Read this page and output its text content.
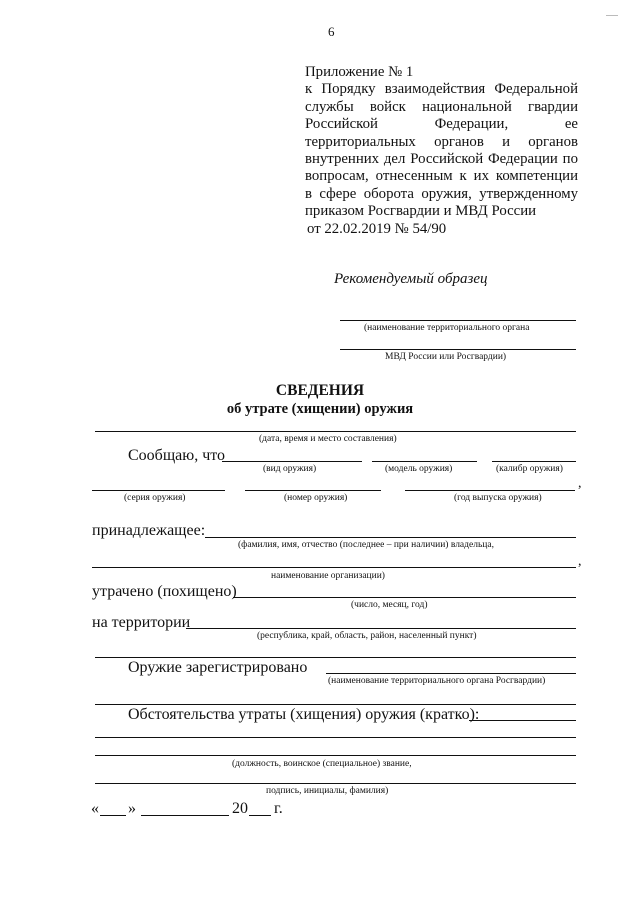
6
Приложение № 1
к Порядку взаимодействия Федеральной
службы войск национальной гвардии
Российской Федерации, ее
территориальных органов и органов
внутренних дел Российской Федерации по
вопросам, отнесенным к их компетенции
в сфере оборота оружия, утвержденному
приказом Росгвардии и МВД России
от 22.02.2019 № 54/90
Рекомендуемый образец
(наименование территориального органа
МВД России или Росгвардии)
СВЕДЕНИЯ
об утрате (хищении) оружия
(дата, время и место составления)
Сообщаю, что
(вид оружия)	(модель оружия)	(калибр оружия)
,
(серия оружия)	(номер оружия)	(год выпуска оружия)
принадлежащее:
(фамилия, имя, отчество (последнее – при наличии) владельца,
,
наименование организации)
утрачено (похищено)
(число, месяц, год)
на территории
(республика, край, область, район, населенный пункт)
Оружие зарегистрировано
(наименование территориального органа Росгвардии)
Обстоятельства утраты (хищения) оружия (кратко):
(должность, воинское (специальное) звание,
подпись, инициалы, фамилия)
« »	20 г.
